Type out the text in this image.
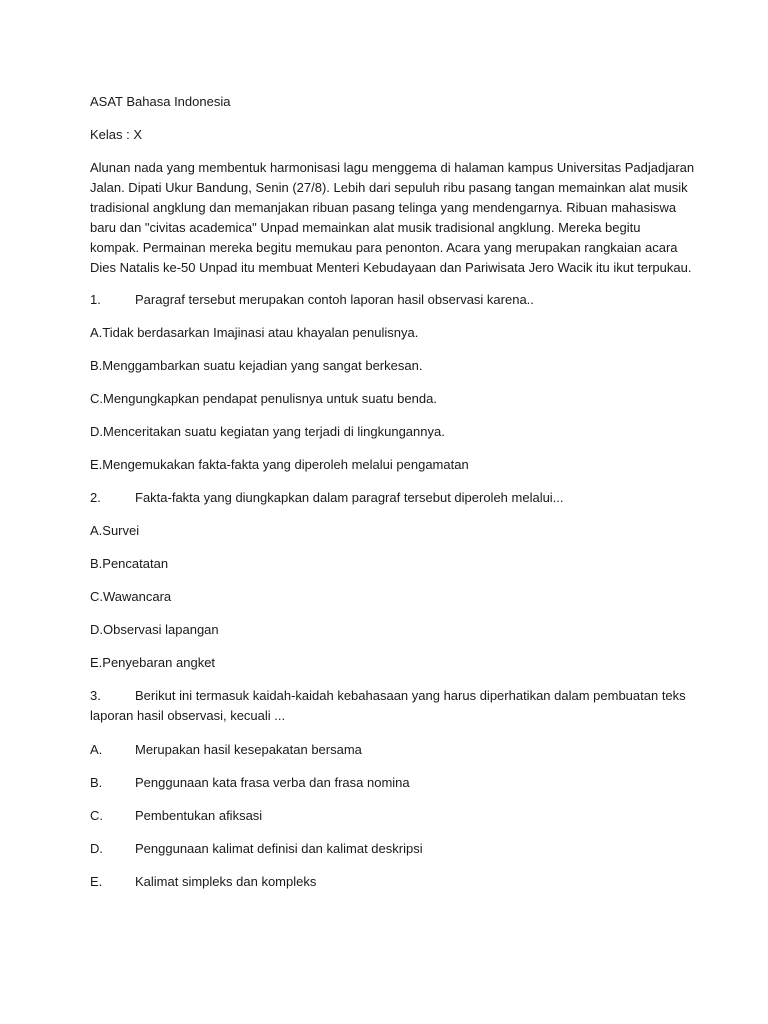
ASAT Bahasa Indonesia

Kelas : X

Alunan nada yang membentuk harmonisasi lagu menggema di halaman kampus Universitas Padjadjaran
Jalan. Dipati Ukur Bandung, Senin (27/8). Lebih dari sepuluh ribu pasang tangan memainkan alat musik
tradisional angklung dan memanjakan ribuan pasang telinga yang mendengarnya. Ribuan mahasiswa
baru dan "civitas academica" Unpad memainkan alat musik tradisional angklung. Mereka begitu
kompak. Permainan mereka begitu memukau para penonton. Acara yang merupakan rangkaian acara
Dies Natalis ke-50 Unpad itu membuat Menteri Kebudayaan dan Pariwisata Jero Wacik itu ikut terpukau.

1.	Paragraf tersebut merupakan contoh laporan hasil observasi karena..

A.Tidak berdasarkan Imajinasi atau khayalan penulisnya.

B.Menggambarkan suatu kejadian yang sangat berkesan.

C.Mengungkapkan pendapat penulisnya untuk suatu benda.

D.Menceritakan suatu kegiatan yang terjadi di lingkungannya.

E.Mengemukakan fakta-fakta yang diperoleh melalui pengamatan

2.	Fakta-fakta yang diungkapkan dalam paragraf tersebut diperoleh melalui...

A.Survei

B.Pencatatan

C.Wawancara

D.Observasi lapangan

E.Penyebaran angket

3.	Berikut ini termasuk kaidah-kaidah kebahasaan yang harus diperhatikan dalam pembuatan teks
laporan hasil observasi, kecuali ...
A.	Merupakan hasil kesepakatan bersama
B.	Penggunaan kata frasa verba dan frasa nomina
C.	Pembentukan afiksasi
D.	Penggunaan kalimat definisi dan kalimat deskripsi
E.	Kalimat simpleks dan kompleks
